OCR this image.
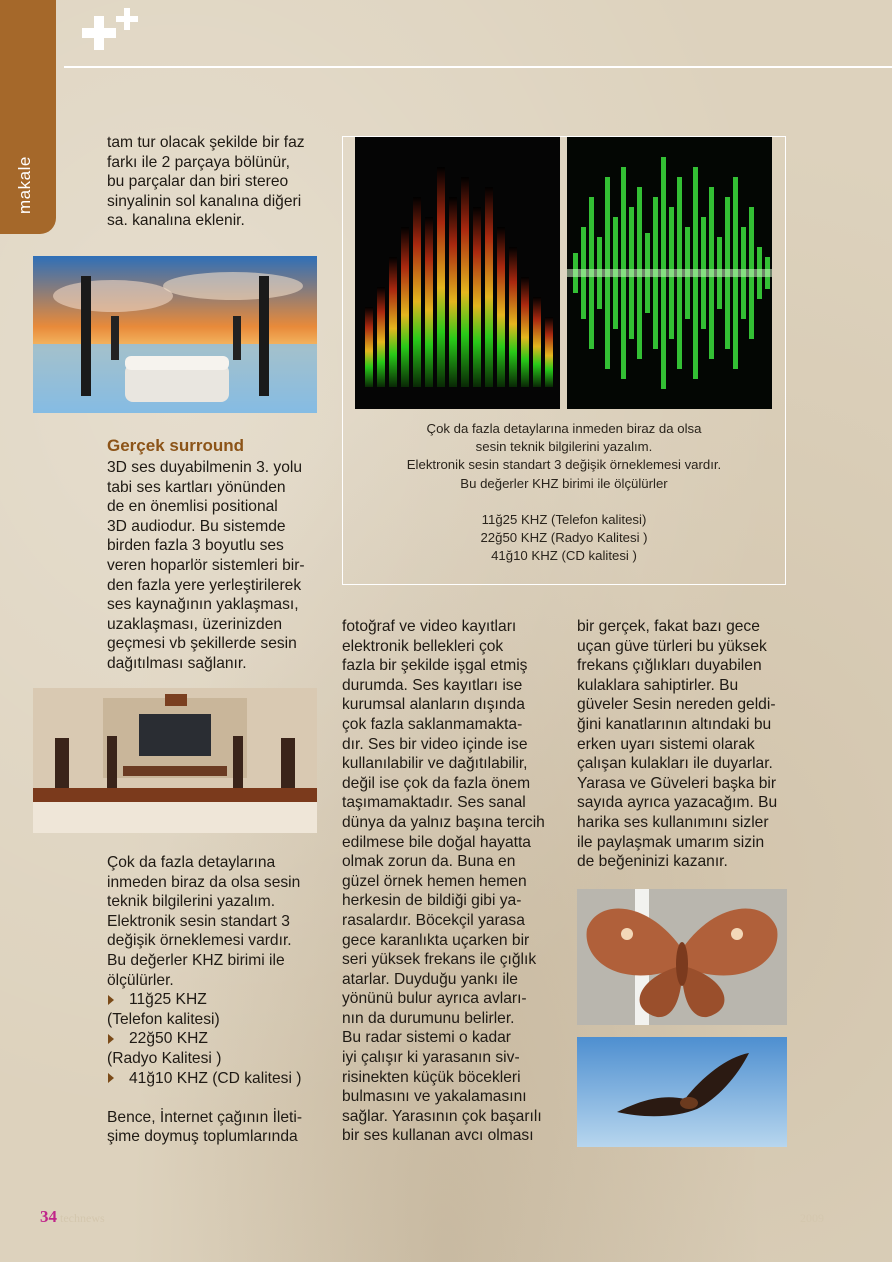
makale

tam tur olacak şekilde bir faz

farkı ile 2 parçaya bölünür,

bu parçalar dan biri stereo

sinyalinin sol kanalına diğeri

sa. kanalına eklenir.

Gerçek surround

3D ses duyabilmenin 3. yolu

tabi ses kartları yönünden

de en önemlisi positional

3D audiodur. Bu sistemde

birden fazla 3 boyutlu ses

veren hoparlör sistemleri bir-

den fazla yere yerleştirilerek

ses kaynağının yaklaşması,

uzaklaşması, üzerinizden

geçmesi vb şekillerde sesin

dağıtılması sağlanır.

Çok da fazla detaylarına

inmeden biraz da olsa sesin

teknik bilgilerini yazalım.

Elektronik sesin standart 3

değişik örneklemesi vardır.

Bu değerler KHZ birimi ile

ölçülürler.

11ğ25 KHZ

(Telefon kalitesi)

22ğ50 KHZ

(Radyo Kalitesi )

41ğ10 KHZ (CD kalitesi )

Bence, İnternet çağının İleti-

şime doymuş toplumlarında

Çok da fazla detaylarına inmeden biraz da olsa

sesin teknik bilgilerini yazalım.

Elektronik sesin standart 3 değişik örneklemesi vardır.

Bu değerler KHZ birimi ile ölçülürler

11ğ25 KHZ (Telefon kalitesi)

22ğ50 KHZ (Radyo Kalitesi )

41ğ10 KHZ (CD kalitesi )

fotoğraf ve video kayıtları

elektronik bellekleri çok

fazla bir şekilde işgal etmiş

durumda. Ses kayıtları ise

kurumsal alanların dışında

çok fazla saklanmamakta-

dır. Ses bir video içinde ise

kullanılabilir ve dağıtılabilir,

değil ise çok da fazla önem

taşımamaktadır. Ses sanal

dünya da yalnız başına tercih

edilmese bile doğal hayatta

olmak zorun da. Buna en

güzel örnek hemen hemen

herkesin de bildiği gibi ya-

rasalardır. Böcekçil yarasa

gece karanlıkta uçarken bir

seri yüksek frekans ile çığlık

atarlar. Duyduğu yankı ile

yönünü bulur ayrıca avları-

nın da durumunu belirler.

Bu radar sistemi o kadar

iyi çalışır ki yarasanın siv-

risinekten küçük böcekleri

bulmasını ve yakalamasını

sağlar. Yarasının çok başarılı

bir ses kullanan avcı olması

bir gerçek, fakat bazı gece

uçan güve türleri bu yüksek

frekans çığlıkları duyabilen

kulaklara sahiptirler. Bu

güveler Sesin nereden geldi-

ğini kanatlarının altındaki bu

erken uyarı sistemi olarak

çalışan kulakları ile duyarlar.

Yarasa ve Güveleri başka bir

sayıda ayrıca yazacağım. Bu

harika ses kullanımını sizler

ile paylaşmak umarım sizin

de beğeninizi kazanır.

34 technews	2009
